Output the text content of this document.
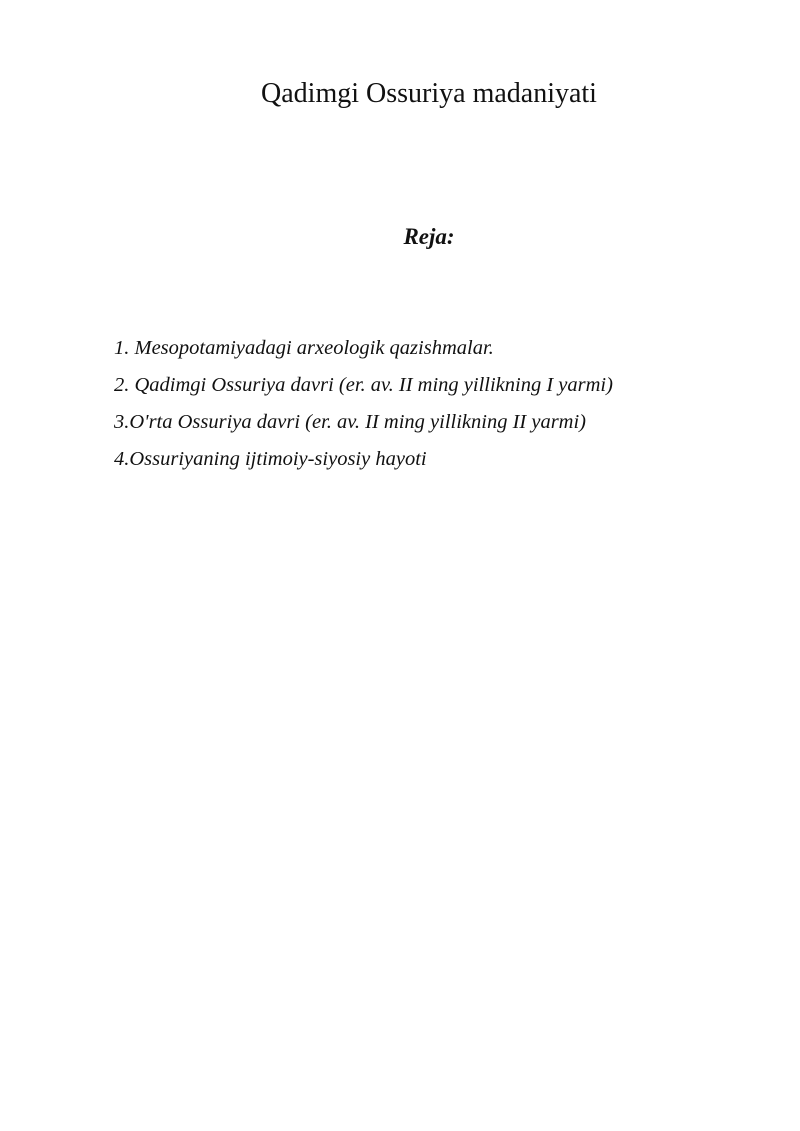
Qadimgi Ossuriya madaniyati
Reja:
1. Mesopotamiyadagi arxeologik qazishmalar.
2. Qadimgi Ossuriya davri (er. av. II ming yillikning I yarmi)
3.O'rta Ossuriya davri (er. av. II ming yillikning II yarmi)
4.Ossuriyaning ijtimoiy-siyosiy hayoti
